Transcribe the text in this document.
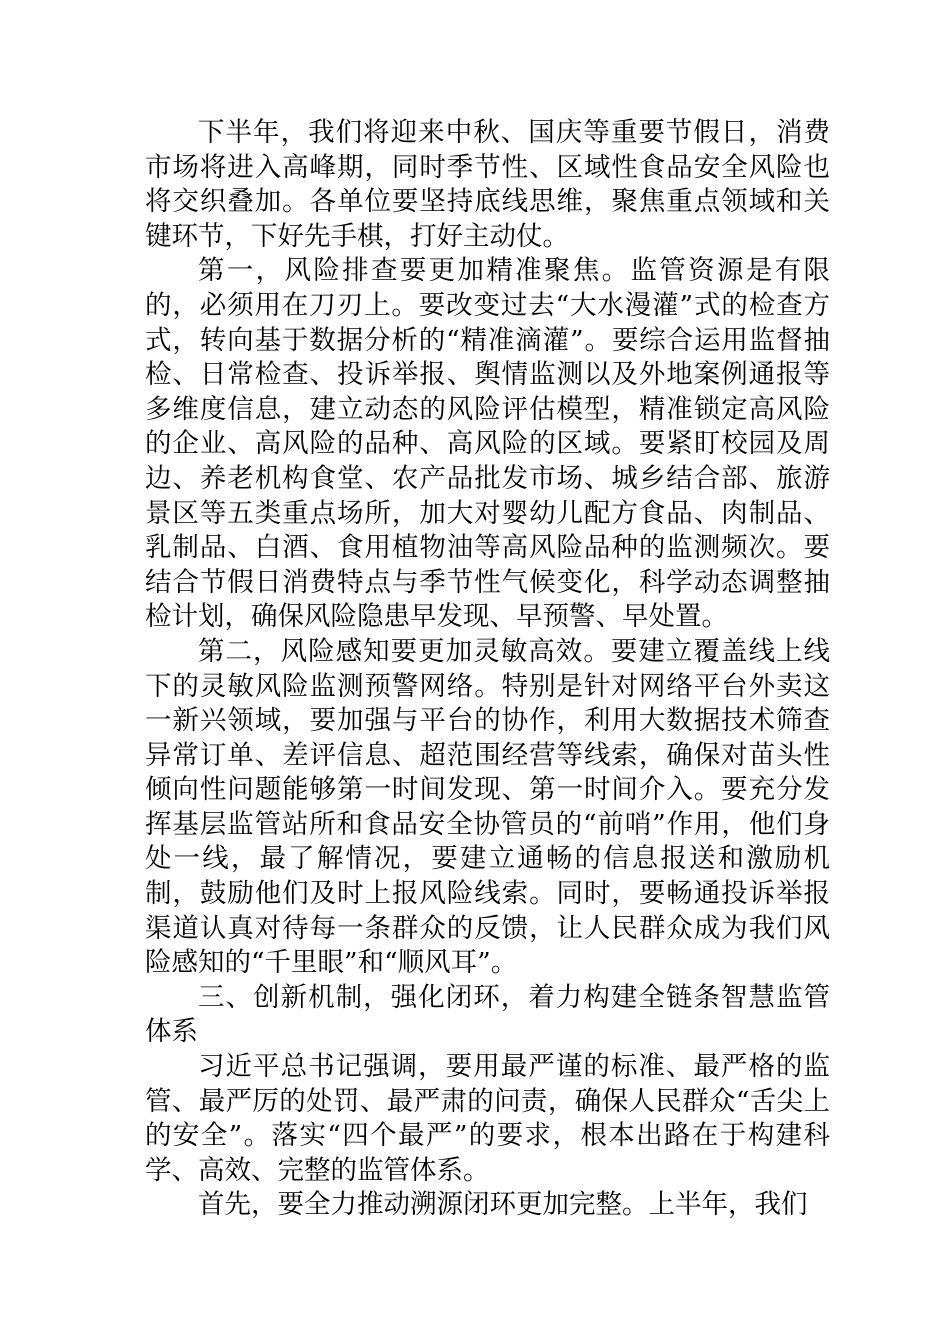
下半年，我们将迎来中秋、国庆等重要节假日，消费市场将进入高峰期，同时季节性、区域性食品安全风险也将交织叠加。各单位要坚持底线思维，聚焦重点领域和关键环节，下好先手棋，打好主动仗。

第一，风险排查要更加精准聚焦。监管资源是有限的，必须用在刀刃上。要改变过去“大水漫灌”式的检查方式，转向基于数据分析的“精准滴灌”。要综合运用监督抽检、日常检查、投诉举报、舆情监测以及外地案例通报等多维度信息，建立动态的风险评估模型，精准锁定高风险的企业、高风险的品种、高风险的区域。要紧盯校园及周边、养老机构食堂、农产品批发市场、城乡结合部、旅游景区等五类重点场所，加大对婴幼儿配方食品、肉制品、乳制品、白酒、食用植物油等高风险品种的监测频次。要结合节假日消费特点与季节性气候变化，科学动态调整抽检计划，确保风险隐患早发现、早预警、早处置。

第二，风险感知要更加灵敏高效。要建立覆盖线上线下的灵敏风险监测预警网络。特别是针对网络平台外卖这一新兴领域，要加强与平台的协作，利用大数据技术筛查异常订单、差评信息、超范围经营等线索，确保对苗头性倾向性问题能够第一时间发现、第一时间介入。要充分发挥基层监管站所和食品安全协管员的“前哨”作用，他们身处一线，最了解情况，要建立通畅的信息报送和激励机制，鼓励他们及时上报风险线索。同时，要畅通投诉举报渠道认真对待每一条群众的反馈，让人民群众成为我们风险感知的“千里眼”和“顺风耳”。

三、创新机制，强化闭环，着力构建全链条智慧监管体系

习近平总书记强调，要用最严谨的标准、最严格的监管、最严厉的处罚、最严肃的问责，确保人民群众“舌尖上的安全”。落实“四个最严”的要求，根本出路在于构建科学、高效、完整的监管体系。

首先，要全力推动溯源闭环更加完整。上半年，我们
